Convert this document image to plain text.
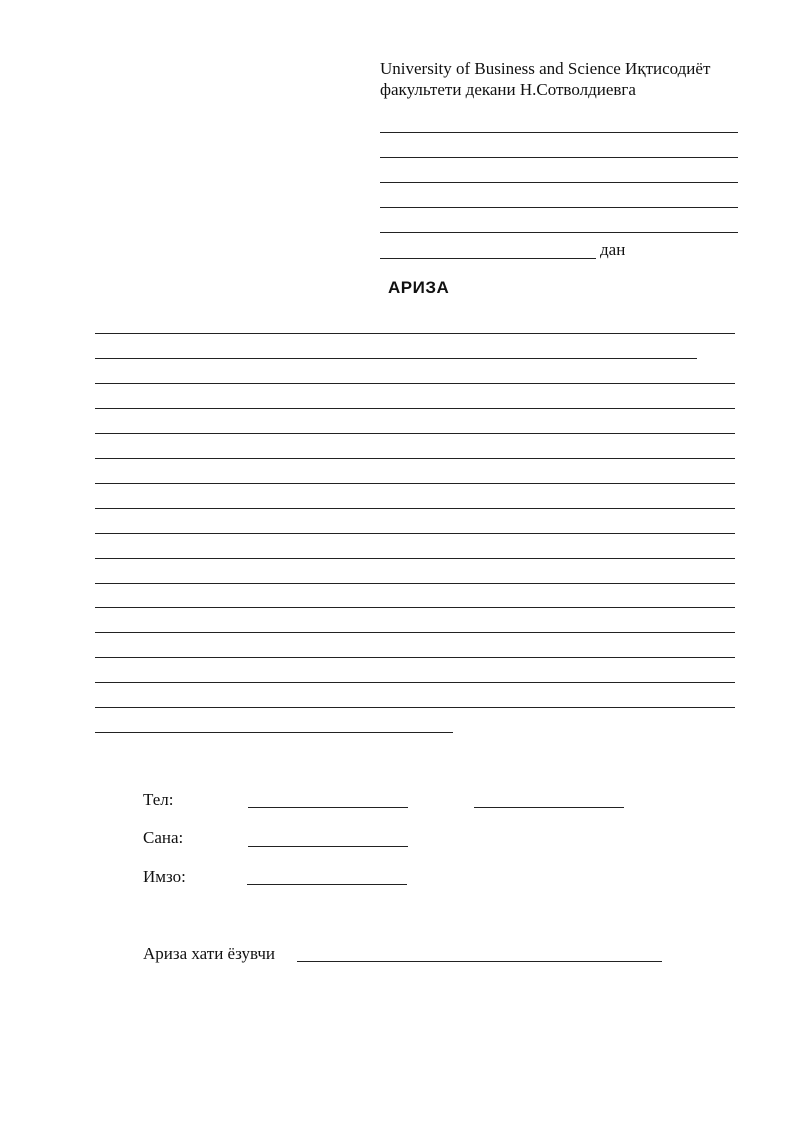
University of Business and Science Иқтисодиёт
факультети декани Н.Сотволдиевга
дан
АРИЗА
Тел:
Сана:
Имзо:
Ариза хати ёзувчи
